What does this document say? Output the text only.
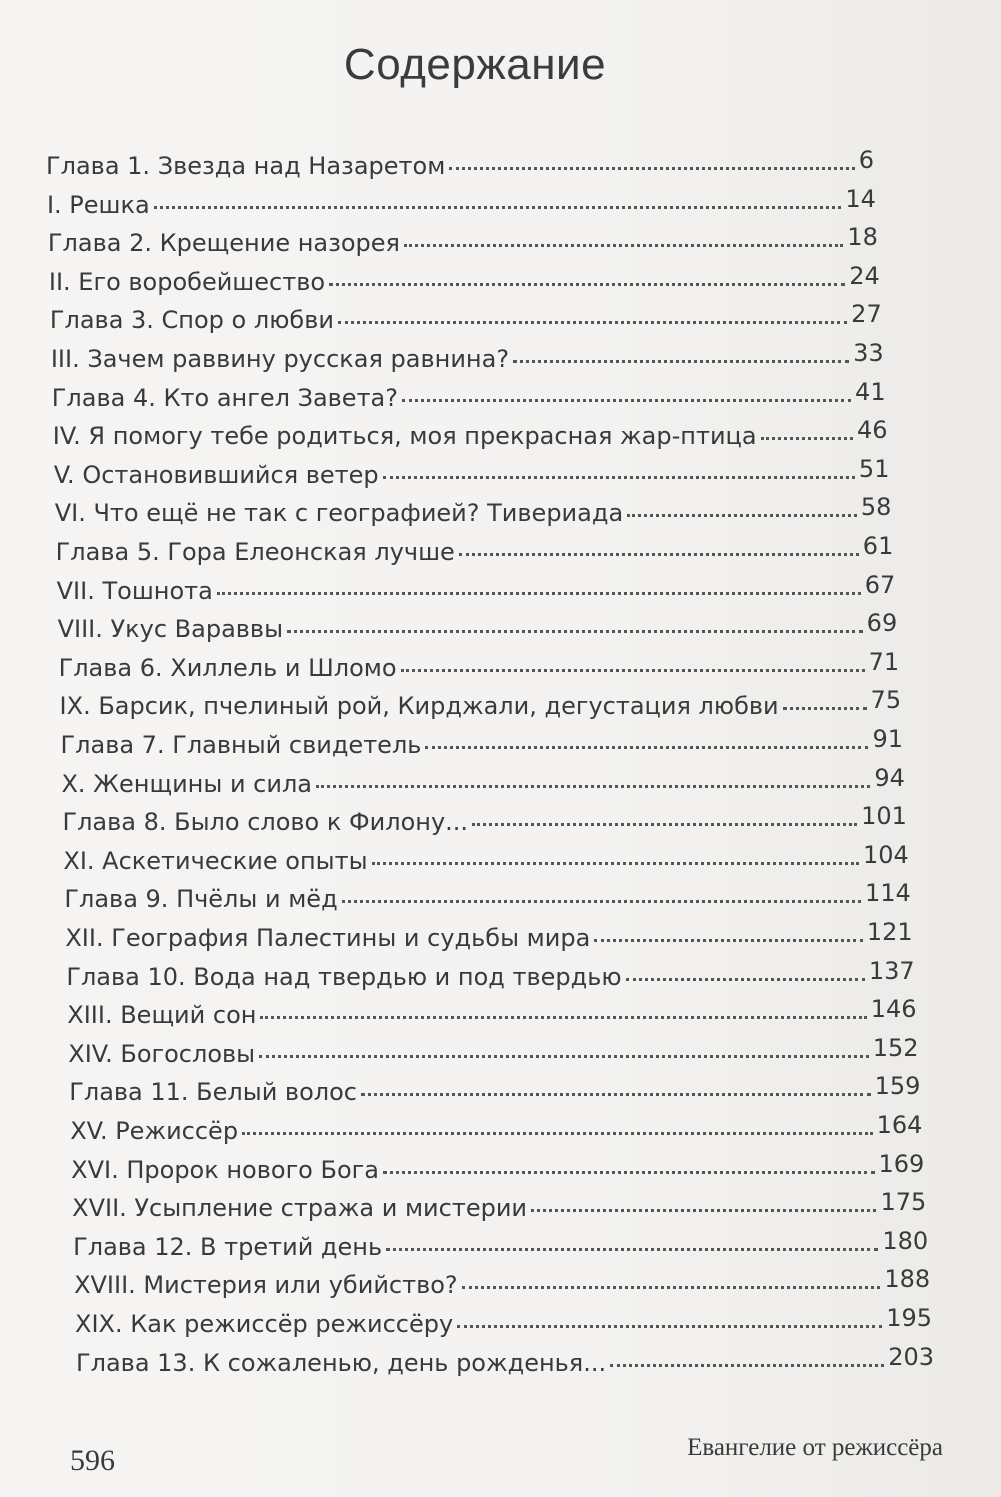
Содержание
Глава 1. Звезда над Назаретом	6
I. Решка	14
Глава 2. Крещение назорея	18
II. Его воробейшество	24
Глава 3. Спор о любви	27
III. Зачем раввину русская равнина?	33
Глава 4. Кто ангел Завета?	41
IV. Я помогу тебе родиться, моя прекрасная жар-птица	46
V. Остановившийся ветер	51
VI. Что ещё не так с географией? Тивериада	58
Глава 5. Гора Елеонская лучше	61
VII. Тошнота	67
VIII. Укус Вараввы	69
Глава 6. Хиллель и Шломо	71
IX. Барсик, пчелиный рой, Кирджали, дегустация любви	75
Глава 7. Главный свидетель	91
X. Женщины и сила	94
Глава 8. Было слово к Филону...	101
XI. Аскетические опыты	104
Глава 9. Пчёлы и мёд	114
XII. География Палестины и судьбы мира	121
Глава 10. Вода над твердью и под твердью	137
XIII. Вещий сон	146
XIV. Богословы	152
Глава 11. Белый волос	159
XV. Режиссёр	164
XVI. Пророк нового Бога	169
XVII. Усыпление стража и мистерии	175
Глава 12. В третий день	180
XVIII. Мистерия или убийство?	188
XIX. Как режиссёр режиссёру	195
Глава 13. К сожаленью, день рожденья...	203

596	Евангелие от режиссёра
